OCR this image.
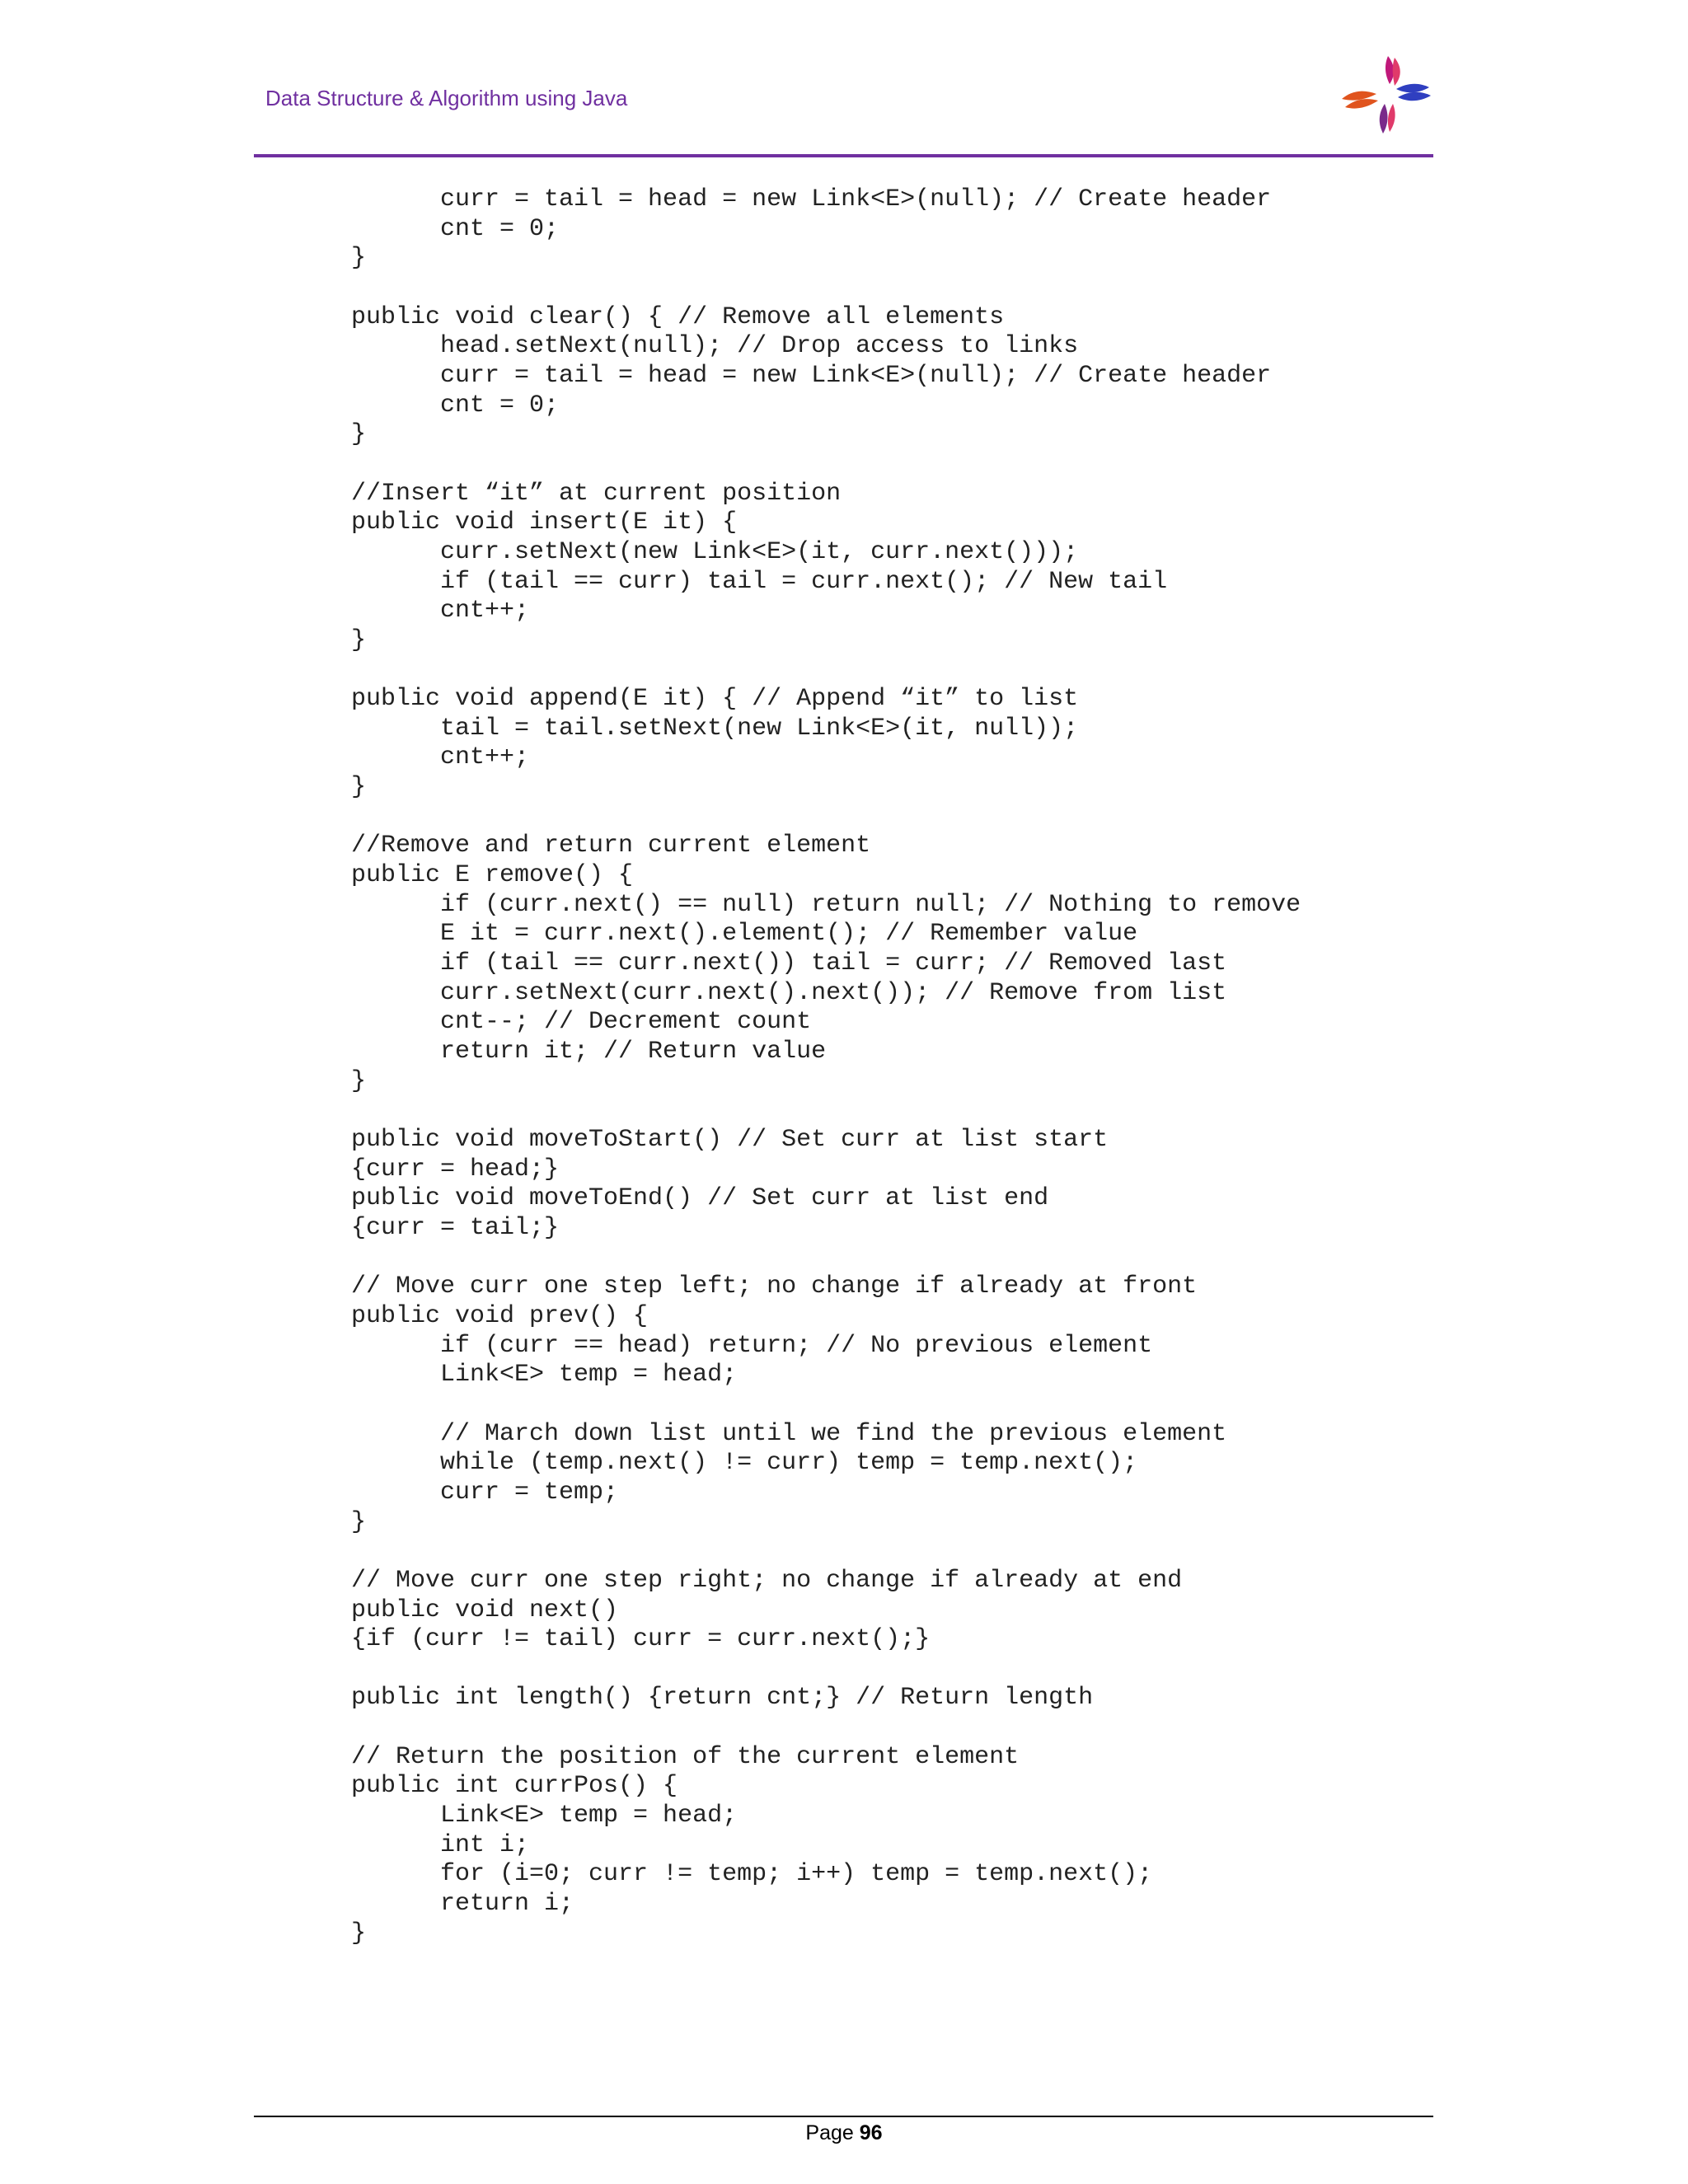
Data Structure & Algorithm using Java
curr = tail = head = new Link<E>(null); // Create header
cnt = 0;
}
public void clear() { // Remove all elements
head.setNext(null); // Drop access to links
curr = tail = head = new Link<E>(null); // Create header
cnt = 0;
}
//Insert “it” at current position
public void insert(E it) {
curr.setNext(new Link<E>(it, curr.next()));
if (tail == curr) tail = curr.next(); // New tail
cnt++;
}
public void append(E it) { // Append “it” to list
tail = tail.setNext(new Link<E>(it, null));
cnt++;
}
//Remove and return current element
public E remove() {
if (curr.next() == null) return null; // Nothing to remove
E it = curr.next().element(); // Remember value
if (tail == curr.next()) tail = curr; // Removed last
curr.setNext(curr.next().next()); // Remove from list
cnt--; // Decrement count
return it; // Return value
}
public void moveToStart() // Set curr at list start
{curr = head;}
public void moveToEnd() // Set curr at list end
{curr = tail;}
// Move curr one step left; no change if already at front
public void prev() {
if (curr == head) return; // No previous element
Link<E> temp = head;
// March down list until we find the previous element
while (temp.next() != curr) temp = temp.next();
curr = temp;
}
// Move curr one step right; no change if already at end
public void next()
{if (curr != tail) curr = curr.next();}
public int length() {return cnt;} // Return length
// Return the position of the current element
public int currPos() {
Link<E> temp = head;
int i;
for (i=0; curr != temp; i++) temp = temp.next();
return i;
}
Page 96
